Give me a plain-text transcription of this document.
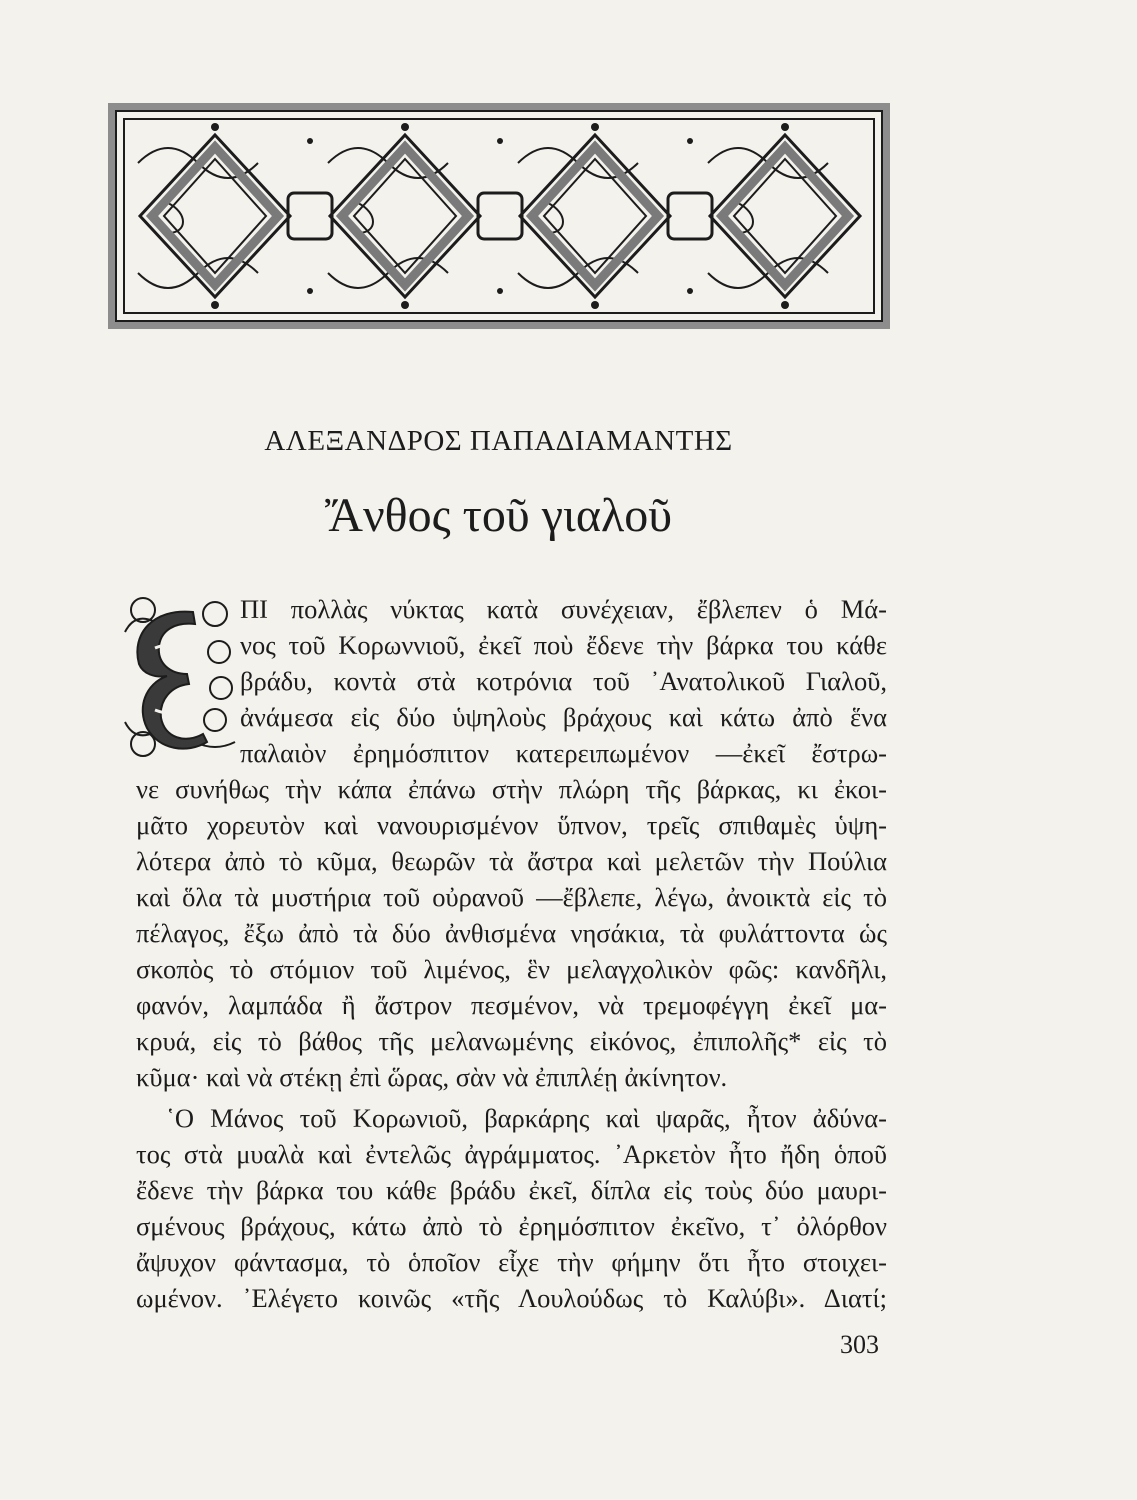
ΑΛΕΞΑΝΔΡΟΣ ΠΑΠΑΔΙΑΜΑΝΤΗΣ
Ἄνθος τοῦ γιαλοῦ
ΠΙ πολλὰς νύκτας κατὰ συνέχειαν, ἔβλεπεν ὁ Μά-
νος τοῦ Κορωννιοῦ, ἐκεῖ ποὺ ἔδενε τὴν βάρκα του κάθε
βράδυ, κοντὰ στὰ κοτρόνια τοῦ ᾿Ανατολικοῦ Γιαλοῦ,
ἀνάμεσα εἰς δύο ὑψηλοὺς βράχους καὶ κάτω ἀπὸ ἕνα
παλαιὸν ἐρημόσπιτον κατερειπωμένον —ἐκεῖ ἔστρω-
νε συνήθως τὴν κάπα ἐπάνω στὴν πλώρη τῆς βάρκας, κι ἐκοι-
μᾶτο χορευτὸν καὶ νανουρισμένον ὕπνον, τρεῖς σπιθαμὲς ὑψη-
λότερα ἀπὸ τὸ κῦμα, θεωρῶν τὰ ἄστρα καὶ μελετῶν τὴν Πούλια
καὶ ὅλα τὰ μυστήρια τοῦ οὐρανοῦ —ἔβλεπε, λέγω, ἀνοικτὰ εἰς τὸ
πέλαγος, ἔξω ἀπὸ τὰ δύο ἀνθισμένα νησάκια, τὰ φυλάττοντα ὡς
σκοπὸς τὸ στόμιον τοῦ λιμένος, ἓν μελαγχολικὸν φῶς: κανδῆλι,
φανόν, λαμπάδα ἢ ἄστρον πεσμένον, νὰ τρεμοφέγγη ἐκεῖ μα-
κρυά, εἰς τὸ βάθος τῆς μελανωμένης εἰκόνος, ἐπιπολῆς* εἰς τὸ
κῦμα· καὶ νὰ στέκῃ ἐπὶ ὥρας, σὰν νὰ ἐπιπλέῃ ἀκίνητον.
῾Ο Μάνος τοῦ Κορωνιοῦ, βαρκάρης καὶ ψαρᾶς, ἦτον ἀδύνα-
τος στὰ μυαλὰ καὶ ἐντελῶς ἀγράμματος. ᾿Αρκετὸν ἦτο ἤδη ὁποῦ
ἔδενε τὴν βάρκα του κάθε βράδυ ἐκεῖ, δίπλα εἰς τοὺς δύο μαυρι-
σμένους βράχους, κάτω ἀπὸ τὸ ἐρημόσπιτον ἐκεῖνο, τ᾿ ὀλόρθον
ἄψυχον φάντασμα, τὸ ὁποῖον εἶχε τὴν φήμην ὅτι ἦτο στοιχει-
ωμένον. ᾿Ελέγετο κοινῶς «τῆς Λουλούδως τὸ Καλύβι». Διατί;
303
